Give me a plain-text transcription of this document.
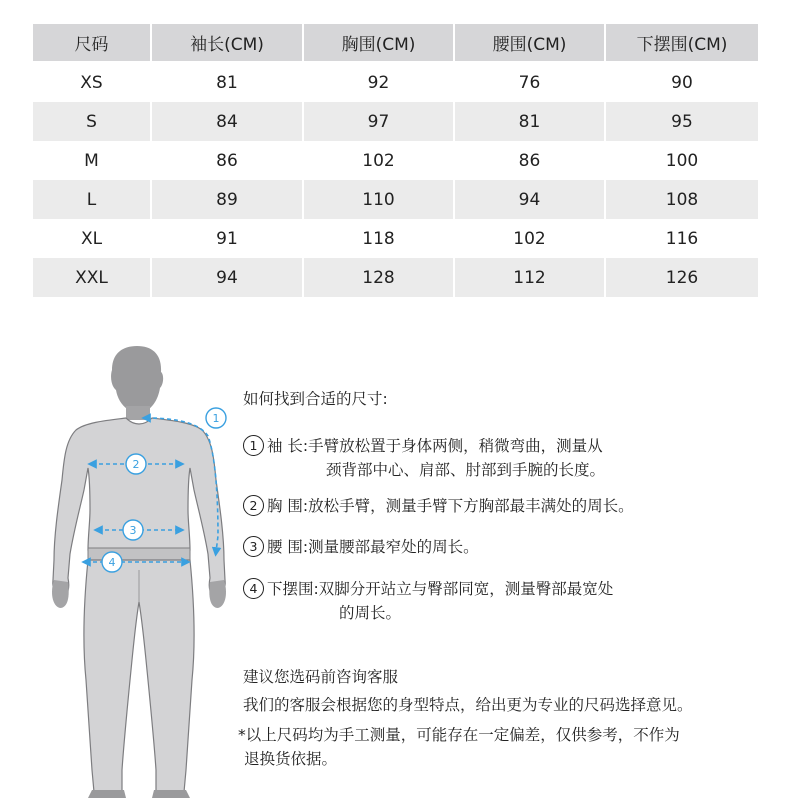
尺码	袖长(CM)	胸围(CM)	腰围(CM)	下摆围(CM)
XS	81	92	76	90
S	84	97	81	95
M	86	102	86	100
L	89	110	94	108
XL	91	118	102	116
XXL	94	128	112	126
1
2
3
4
如何找到合适的尺寸:
1 袖 长:手臂放松置于身体两侧，稍微弯曲，测量从
颈背部中心、肩部、肘部到手腕的长度。
2 胸 围:放松手臂，测量手臂下方胸部最丰满处的周长。
3 腰 围:测量腰部最窄处的周长。
4 下摆围:双脚分开站立与臀部同宽，测量臀部最宽处
的周长。
建议您选码前咨询客服
我们的客服会根据您的身型特点，给出更为专业的尺码选择意见。
*以上尺码均为手工测量，可能存在一定偏差，仅供参考，不作为
退换货依据。
